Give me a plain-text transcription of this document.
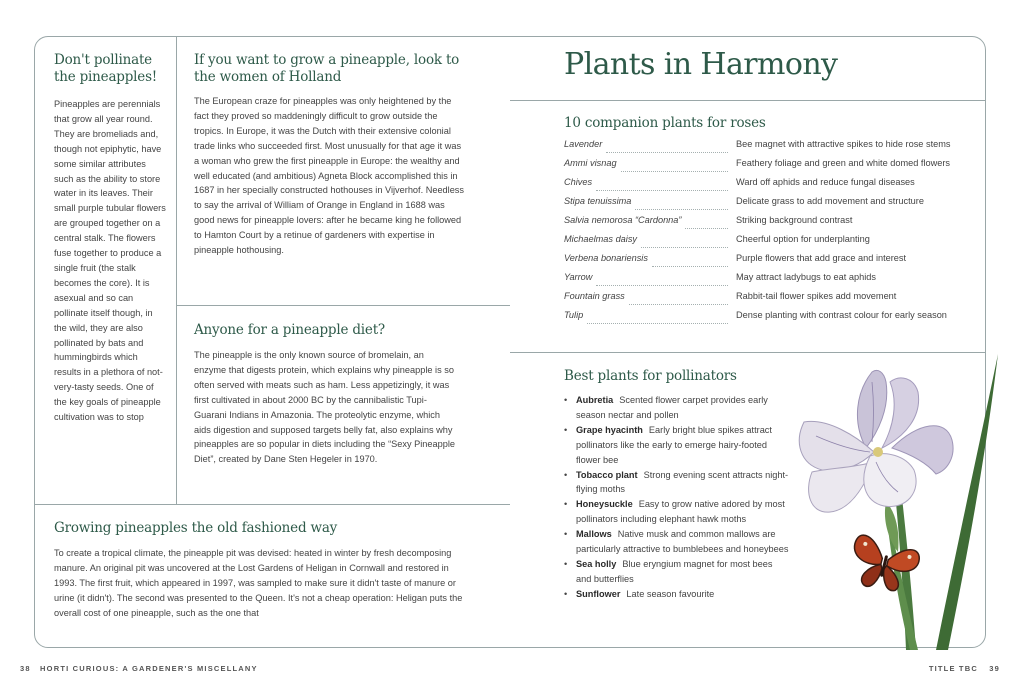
Don't pollinate the pineapples!

Pineapples are perennials that grow all year round. They are bromeliads and, though not epiphytic, have some similar attributes such as the ability to store water in its leaves. Their small purple tubular flowers are grouped together on a central stalk. The flowers fuse together to produce a single fruit (the stalk becomes the core). It is asexual and so can pollinate itself though, in the wild, they are also pollinated by bats and hummingbirds which results in a plethora of not-very-tasty seeds. One of the key goals of pineapple cultivation was to stop

If you want to grow a pineapple, look to the women of Holland

The European craze for pineapples was only heightened by the fact they proved so maddeningly difficult to grow outside the tropics. In Europe, it was the Dutch with their extensive colonial trade links who succeeded first. Most unusually for that age it was a woman who grew the first pineapple in Europe: the wealthy and well educated (and ambitious) Agneta Block accomplished this in 1687 in her specially constructed hothouses in Vijverhof. Needless to say the arrival of William of Orange in England in 1688 was good news for pineapple lovers: after he became king he followed to Hamton Court by a retinue of gardeners with expertise in pineapple hothousing.

Anyone for a pineapple diet?

The pineapple is the only known source of bromelain, an enzyme that digests protein, which explains why pineapple is so often served with meats such as ham. Less appetizingly, it was first cultivated in about 2000 BC by the cannibalistic Tupi-Guarani Indians in Amazonia. The proteolytic enzyme, which aids digestion and supposed targets belly fat, also explains why pineapples are so popular in diets including the “Sexy Pineapple Diet”, created by Dane Sten Hegeler in 1970.

Growing pineapples the old fashioned way

To create a tropical climate, the pineapple pit was devised: heated in winter by fresh decomposing manure. An original pit was uncovered at the Lost Gardens of Heligan in Cornwall and restored in 1993. The first fruit, which appeared in 1997, was sampled to make sure it didn't taste of manure or urine (it didn't). The second was presented to the Queen. It's not a cheap operation: Heligan puts the overall cost of one pineapple, such as the one that

Plants in Harmony
10 companion plants for roses
Lavender	Bee magnet with attractive spikes to hide rose stems
Ammi visnag	Feathery foliage and green and white domed flowers
Chives	Ward off aphids and reduce fungal diseases
Stipa tenuissima	Delicate grass to add movement and structure
Salvia nemorosa “Cardonna”	Striking background contrast
Michaelmas daisy	Cheerful option for underplanting
Verbena bonariensis	Purple flowers that add grace and interest
Yarrow	May attract ladybugs to eat aphids
Fountain grass	Rabbit-tail flower spikes add movement
Tulip	Dense planting with contrast colour for early season
Best plants for pollinators
• Aubretia Scented flower carpet provides early season nectar and pollen
• Grape hyacinth Early bright blue spikes attract pollinators like the early to emerge hairy-footed flower bee
• Tobacco plant Strong evening scent attracts night-flying moths
• Honeysuckle Easy to grow native adored by most pollinators including elephant hawk moths
• Mallows Native musk and common mallows are particularly attractive to bumblebees and honeybees
• Sea holly Blue eryngium magnet for most bees and butterflies
• Sunflower Late season favourite
38 HORTI CURIOUS: A GARDENER'S MISCELLANY	TITLE TBC 39
